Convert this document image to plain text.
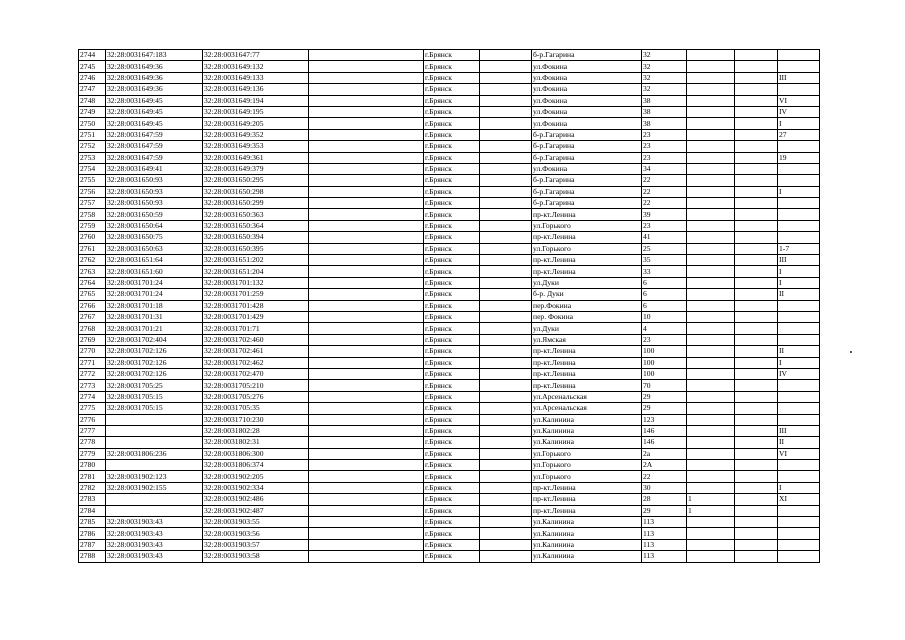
2744	32:28:0031647:183	32:28:0031647:77		г.Брянск		б-р.Гагарина	32			
2745	32:28:0031649:36	32:28:0031649:132		г.Брянск		ул.Фокина	32			
2746	32:28:0031649:36	32:28:0031649:133		г.Брянск		ул.Фокина	32			III
2747	32:28:0031649:36	32:28:0031649:136		г.Брянск		ул.Фокина	32			
2748	32:28:0031649:45	32:28:0031649:194		г.Брянск		ул.Фокина	38			VI
2749	32:28:0031649:45	32:28:0031649:195		г.Брянск		ул.Фокина	38			IV
2750	32:28:0031649:45	32:28:0031649:205		г.Брянск		ул.Фокина	38			I
2751	32:28:0031647:59	32:28:0031649:352		г.Брянск		б-р.Гагарина	23			27
2752	32:28:0031647:59	32:28:0031649:353		г.Брянск		б-р.Гагарина	23			
2753	32:28:0031647:59	32:28:0031649:361		г.Брянск		б-р.Гагарина	23			19
2754	32:28:0031649:41	32:28:0031649:379		г.Брянск		ул.Фокина	34			
2755	32:28:0031650:93	32:28:0031650:295		г.Брянск		б-р.Гагарина	22			
2756	32:28:0031650:93	32:28:0031650:298		г.Брянск		б-р.Гагарина	22			I
2757	32:28:0031650:93	32:28:0031650:299		г.Брянск		б-р.Гагарина	22			
2758	32:28:0031650:59	32:28:0031650:363		г.Брянск		пр-кт.Ленина	39			
2759	32:28:0031650:64	32:28:0031650:364		г.Брянск		ул.Горького	23			
2760	32:28:0031650:75	32:28:0031650:394		г.Брянск		пр-кт.Ленина	41			
2761	32:28:0031650:63	32:28:0031650:395		г.Брянск		ул.Горького	25			1-7
2762	32:28:0031651:64	32:28:0031651:202		г.Брянск		пр-кт.Ленина	35			III
2763	32:28:0031651:60	32:28:0031651:204		г.Брянск		пр-кт.Ленина	33			I
2764	32:28:0031701:24	32:28:0031701:132		г.Брянск		ул.Дуки	6			I
2765	32:28:0031701:24	32:28:0031701:259		г.Брянск		б-р. Дуки	6			II
2766	32:28:0031701:18	32:28:0031701:428		г.Брянск		пер.Фокина	6			
2767	32:28:0031701:31	32:28:0031701:429		г.Брянск		пер. Фокина	10			
2768	32:28:0031701:21	32:28:0031701:71		г.Брянск		ул.Дуки	4			
2769	32:28:0031702:404	32:28:0031702:460		г.Брянск		ул.Ямская	23			
2770	32:28:0031702:126	32:28:0031702:461		г.Брянск		пр-кт.Ленина	100			II
2771	32:28:0031702:126	32:28:0031702:462		г.Брянск		пр-кт.Ленина	100			I
2772	32:28:0031702:126	32:28:0031702:470		г.Брянск		пр-кт.Ленина	100			IV
2773	32:28:0031705:25	32:28:0031705:210		г.Брянск		пр-кт.Ленина	70			
2774	32:28:0031705:15	32:28:0031705:276		г.Брянск		ул.Арсенальская	29			
2775	32:28:0031705:15	32:28:0031705:35		г.Брянск		ул.Арсенальская	29			
2776		32:28:0031710:230		г.Брянск		ул.Калинина	123			
2777		32:28:0031802:28		г.Брянск		ул.Калинина	146			III
2778		32:28:0031802:31		г.Брянск		ул.Калинина	146			II
2779	32:28:0031806:236	32:28:0031806:300		г.Брянск		ул.Горького	2а			VI
2780		32:28:0031806:374		г.Брянск		ул.Горького	2А			
2781	32:28:0031902:123	32:28:0031902:205		г.Брянск		ул.Горького	22			
2782	32:28:0031902:155	32:28:0031902:334		г.Брянск		пр-кт.Ленина	30			I
2783		32:28:0031902:486		г.Брянск		пр-кт.Ленина	28	1		XI
2784		32:28:0031902:487		г.Брянск		пр-кт.Ленина	29	1		
2785	32:28:0031903:43	32:28:0031903:55		г.Брянск		ул.Калинина	113			
2786	32:28:0031903:43	32:28:0031903:56		г.Брянск		ул.Калинина	113			
2787	32:28:0031903:43	32:28:0031903:57		г.Брянск		ул.Калинина	113			
2788	32:28:0031903:43	32:28:0031903:58		г.Брянск		ул.Калинина	113			
